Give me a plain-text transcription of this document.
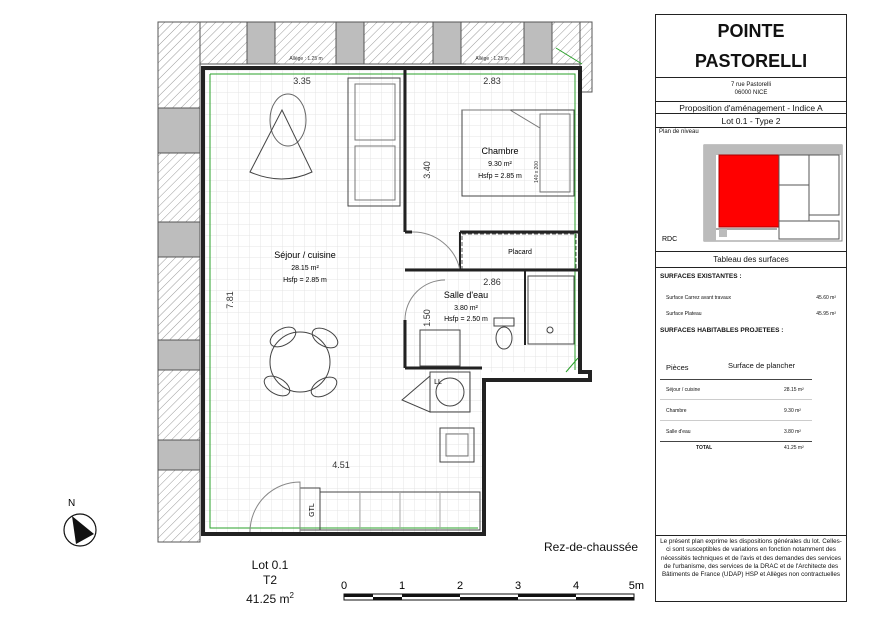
Allège : 1.25 m	Allège : 1.25 m
3.35	2.83
3.40
7.81
2.86
1.50
4.51
140 x 200
Séjour / cuisine
28.15 m²
Hsfp = 2.85 m
Chambre
9.30 m²
Hsfp = 2.85 m
Salle d'eau
3.80 m²
Hsfp = 2.50 m
Placard
GTL
LL
N
Rez-de-chaussée
Lot 0.1
T2
41.25 $m^2$
0	1	2	3	4	5m
POINTE
PASTORELLI
7 rue Pastorelli
06000 NICE
Proposition d'aménagement - Indice A
Lot 0.1 - Type 2
Plan de niveau
RDC
Tableau des surfaces
SURFACES EXISTANTES :
Surface Carrez avant travaux	45.60 m²
Surface Plateau	45.95 m²
SURFACES HABITABLES PROJETEES :
Pièces	Surface de plancher
Séjour / cuisine	28.15 m²
Chambre	9.30 m²
Salle d'eau	3.80 m²
TOTAL	41.25 m²
Le présent plan exprime les dispositions générales du lot. Celles-ci sont susceptibles de variations en fonction notamment des nécessités techniques et de l'avis et des demandes des services de l'urbanisme, des services de la DRAC et de l'Architecte des Bâtiments de France (UDAP) HSP et Allèges non contractuelles
